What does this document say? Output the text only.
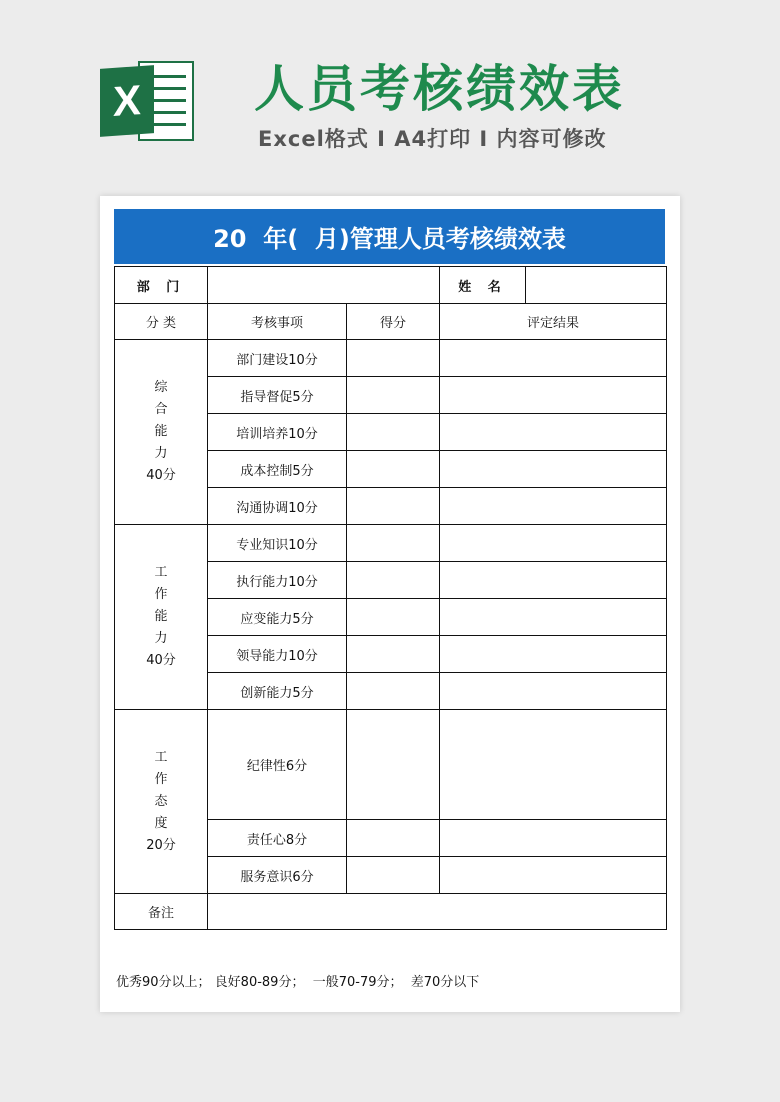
X 人员考核绩效表
Excel格式 I A4打印 I 内容可修改
20  年(  月)管理人员考核绩效表
部 门			姓 名	
分 类	考核事项	得分	评定结果	

综
合
能
力
40分	部门建设10分			
	指导督促5分			
	培训培养10分			
	成本控制5分			
	沟通协调10分			

工
作
能
力
40分	专业知识10分			
	执行能力10分			
	应变能力5分			
	领导能力10分			
	创新能力5分			

工
作
态
度
20分	纪律性6分			
	责任心8分			
	服务意识6分			
备注				
优秀90分以上； 良好80-89分；  一般70-79分；  差70分以下
